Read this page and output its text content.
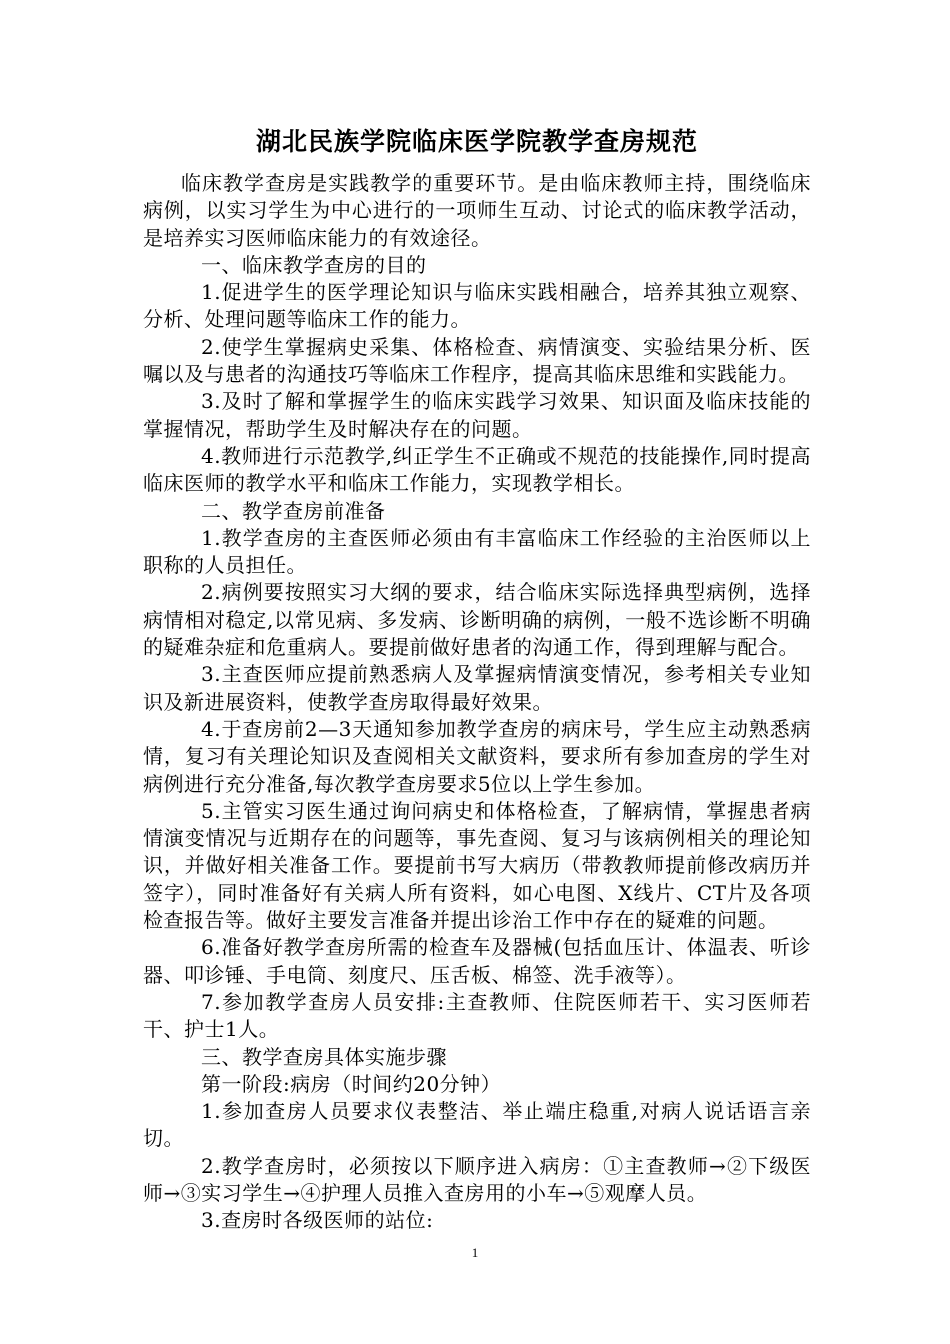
湖北民族学院临床医学院教学查房规范

临床教学查房是实践教学的重要环节。是由临床教师主持，围绕临床病例，以实习学生为中心进行的一项师生互动、讨论式的临床教学活动，是培养实习医师临床能力的有效途径。

一、临床教学查房的目的

1.促进学生的医学理论知识与临床实践相融合，培养其独立观察、分析、处理问题等临床工作的能力。

2.使学生掌握病史采集、体格检查、病情演变、实验结果分析、医嘱以及与患者的沟通技巧等临床工作程序，提高其临床思维和实践能力。

3.及时了解和掌握学生的临床实践学习效果、知识面及临床技能的掌握情况，帮助学生及时解决存在的问题。

4.教师进行示范教学,纠正学生不正确或不规范的技能操作,同时提高临床医师的教学水平和临床工作能力，实现教学相长。

二、教学查房前准备

1.教学查房的主查医师必须由有丰富临床工作经验的主治医师以上职称的人员担任。

2.病例要按照实习大纲的要求，结合临床实际选择典型病例，选择病情相对稳定,以常见病、多发病、诊断明确的病例，一般不选诊断不明确的疑难杂症和危重病人。要提前做好患者的沟通工作，得到理解与配合。

3.主查医师应提前熟悉病人及掌握病情演变情况，参考相关专业知识及新进展资料，使教学查房取得最好效果。

4.于查房前2—3天通知参加教学查房的病床号，学生应主动熟悉病情，复习有关理论知识及查阅相关文献资料，要求所有参加查房的学生对病例进行充分准备,每次教学查房要求5位以上学生参加。

5.主管实习医生通过询问病史和体格检查，了解病情，掌握患者病情演变情况与近期存在的问题等，事先查阅、复习与该病例相关的理论知识，并做好相关准备工作。要提前书写大病历（带教教师提前修改病历并签字），同时准备好有关病人所有资料，如心电图、X线片、CT片及各项检查报告等。做好主要发言准备并提出诊治工作中存在的疑难的问题。

6.准备好教学查房所需的检查车及器械(包括血压计、体温表、听诊器、叩诊锤、手电筒、刻度尺、压舌板、棉签、洗手液等）。

7.参加教学查房人员安排:主查教师、住院医师若干、实习医师若干、护士1人。

三、教学查房具体实施步骤

第一阶段:病房（时间约20分钟）

1.参加查房人员要求仪表整洁、举止端庄稳重,对病人说话语言亲切。

2.教学查房时，必须按以下顺序进入病房：①主查教师→②下级医师→③实习学生→④护理人员推入查房用的小车→⑤观摩人员。

3.查房时各级医师的站位:

1
